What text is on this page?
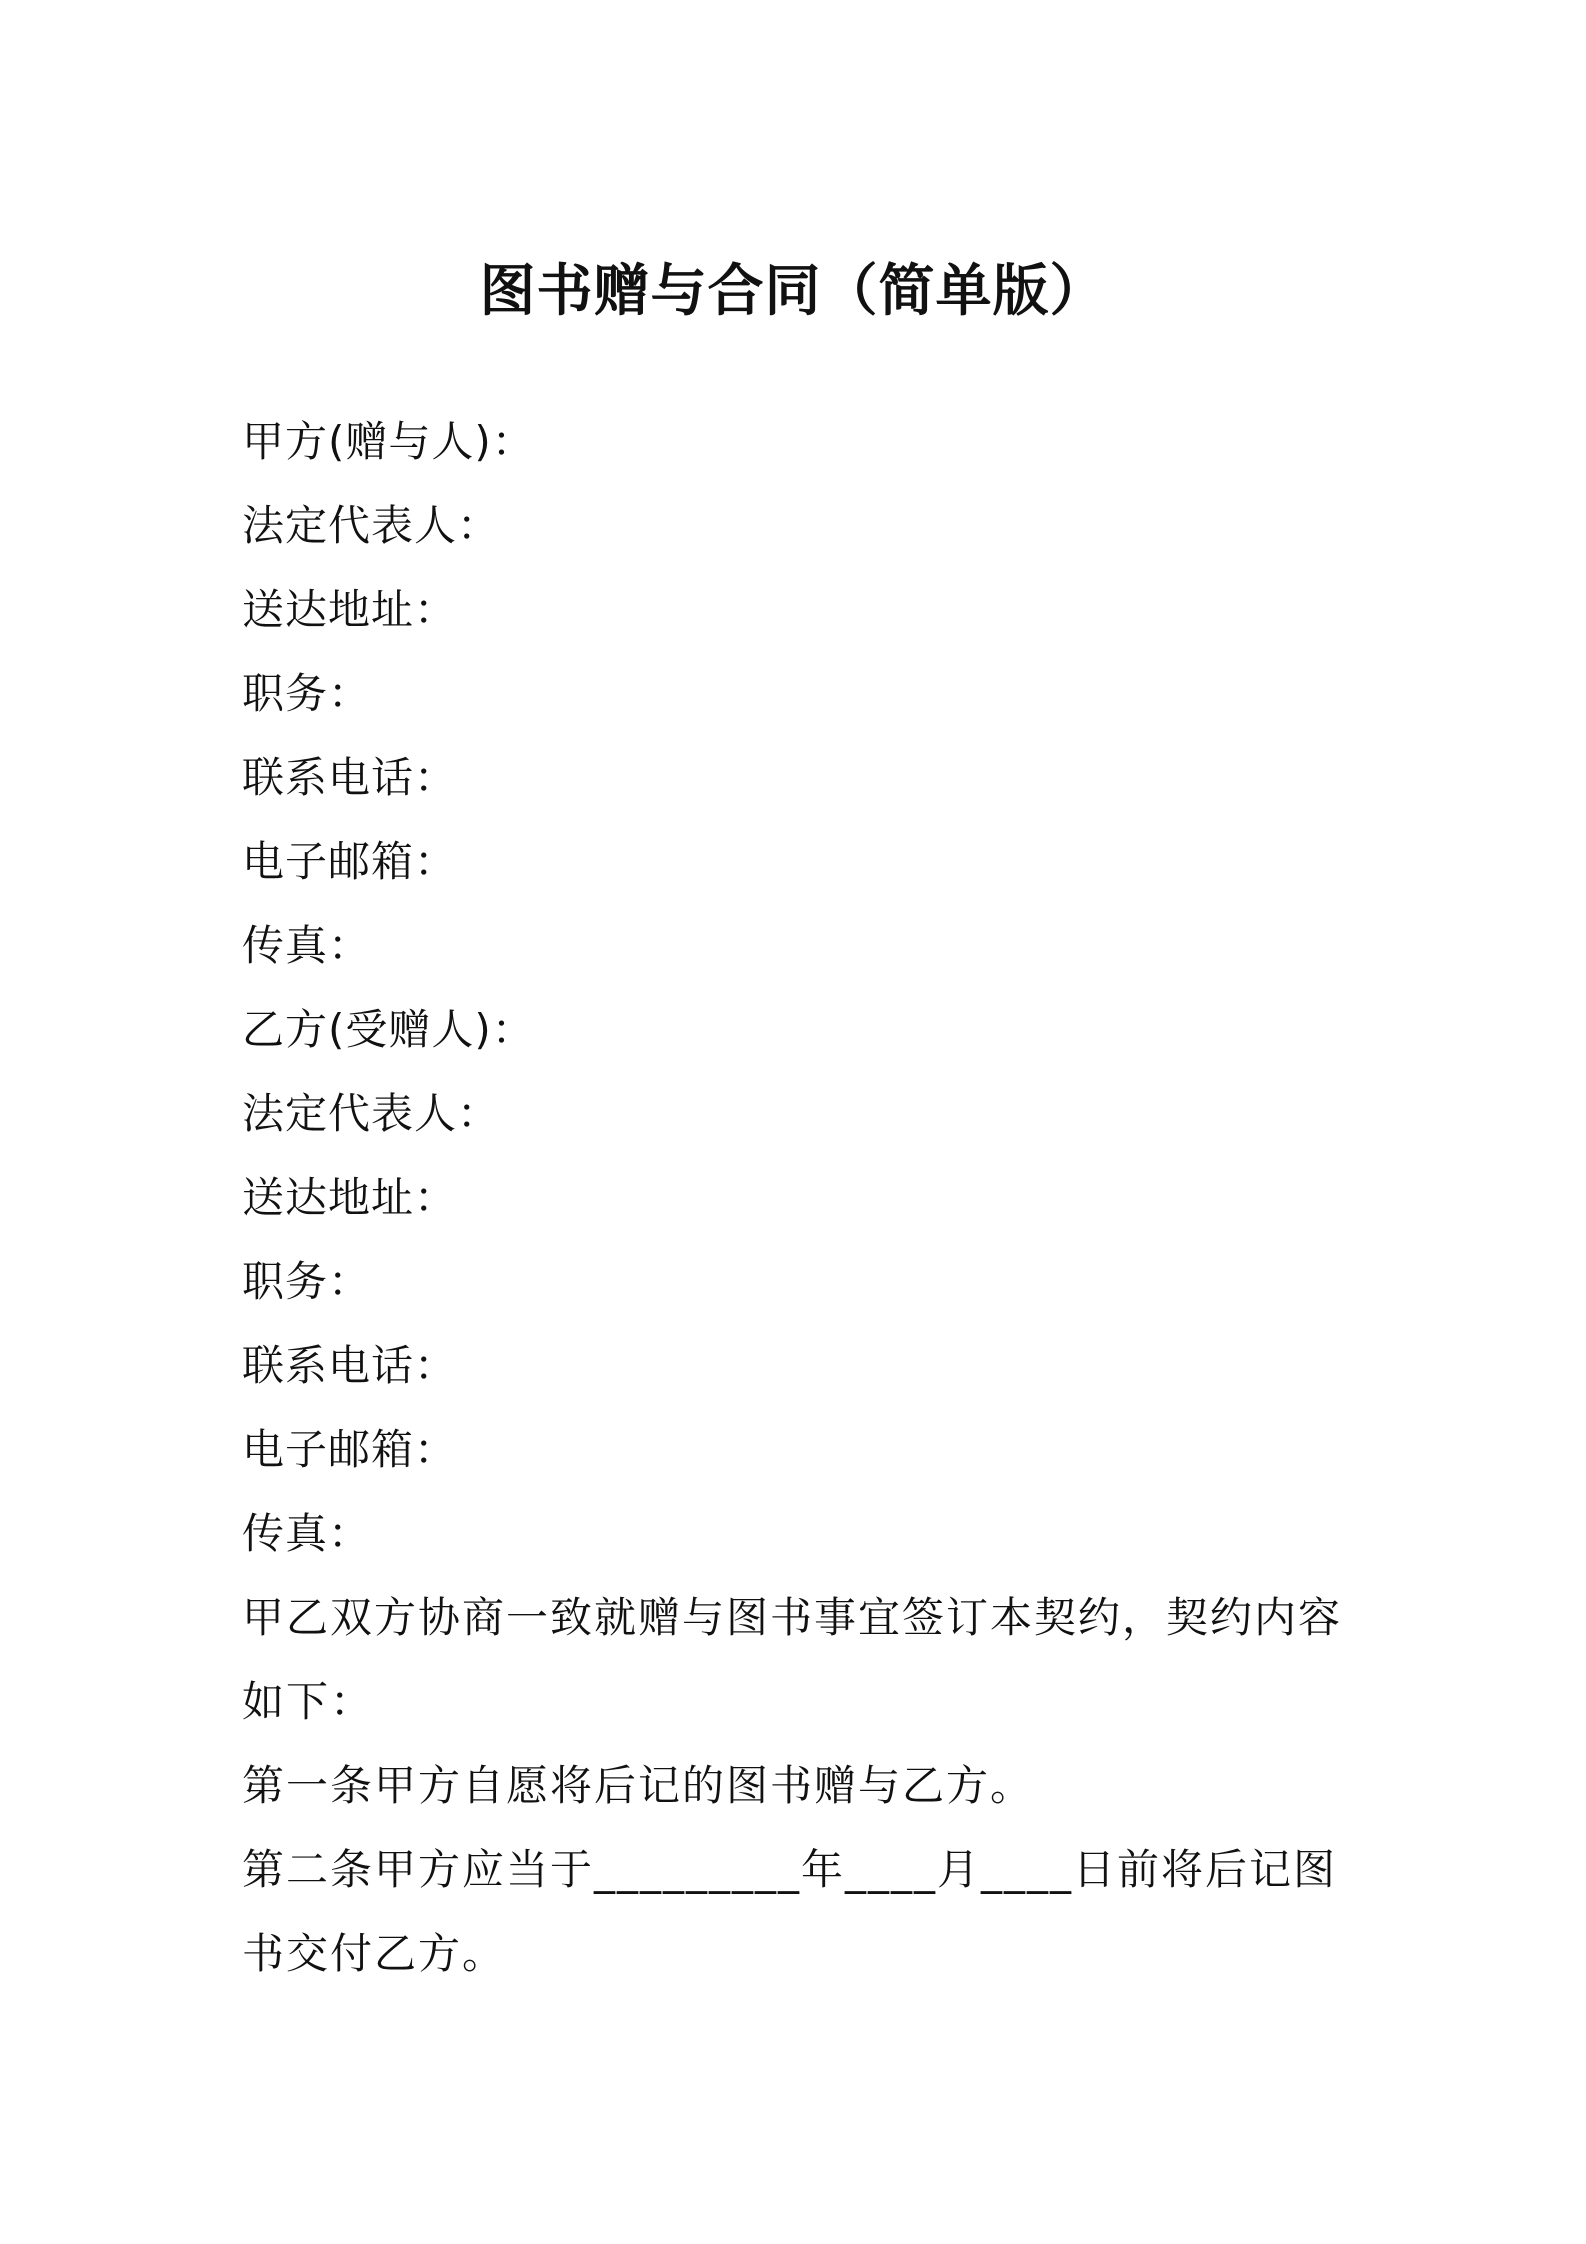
图书赠与合同（简单版）
甲方(赠与人)：
法定代表人：
送达地址：
职务：
联系电话：
电子邮箱：
传真：
乙方(受赠人)：
法定代表人：
送达地址：
职务：
联系电话：
电子邮箱：
传真：
甲乙双方协商一致就赠与图书事宜签订本契约，契约内容如下：
第一条甲方自愿将后记的图书赠与乙方。
第二条甲方应当于_________年____月____日前将后记图书交付乙方。
